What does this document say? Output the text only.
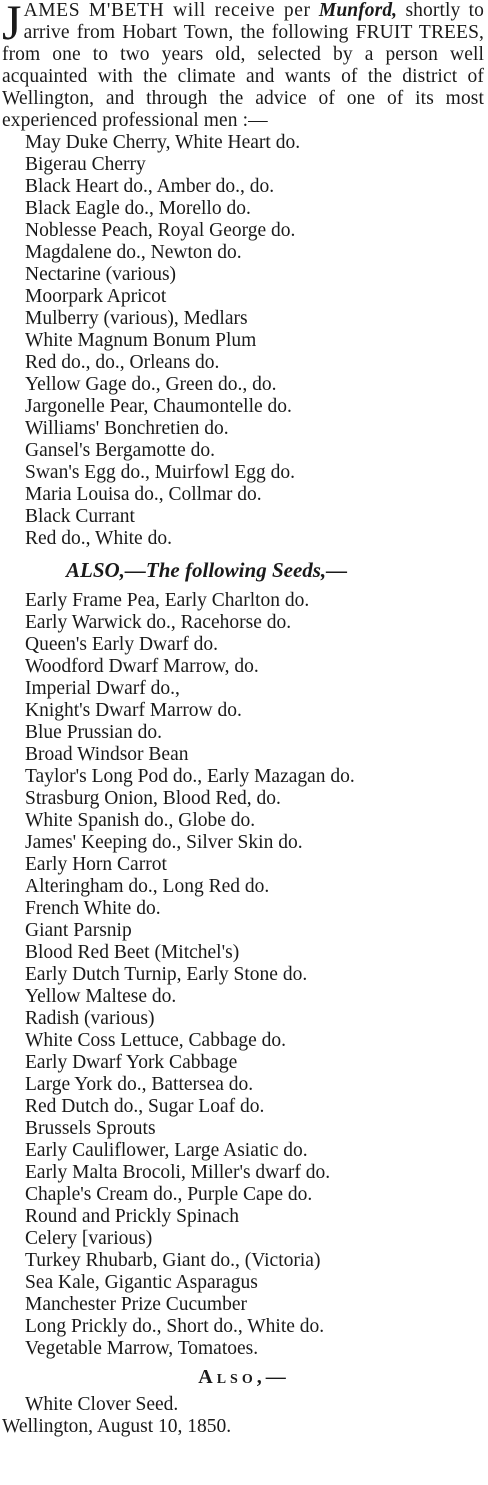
JAMES M'BETH will receive per Munford, shortly to arrive from Hobart Town, the following FRUIT TREES, from one to two years old, selected by a person well acquainted with the climate and wants of the district of Wellington, and through the advice of one of its most experienced professional men :—

May Duke Cherry, White Heart do.
Bigerau Cherry
Black Heart do., Amber do., do.
Black Eagle do., Morello do.
Noblesse Peach, Royal George do.
Magdalene do., Newton do.
Nectarine (various)
Moorpark Apricot
Mulberry (various), Medlars
White Magnum Bonum Plum
Red do., do., Orleans do.
Yellow Gage do., Green do., do.
Jargonelle Pear, Chaumontelle do.
Williams' Bonchretien do.
Gansel's Bergamotte do.
Swan's Egg do., Muirfowl Egg do.
Maria Louisa do., Collmar do.
Black Currant
Red do., White do.
ALSO,—The following Seeds,—
Early Frame Pea, Early Charlton do.
Early Warwick do., Racehorse do.
Queen's Early Dwarf do.
Woodford Dwarf Marrow, do.
Imperial Dwarf do.,
Knight's Dwarf Marrow do.
Blue Prussian do.
Broad Windsor Bean
Taylor's Long Pod do., Early Mazagan do.
Strasburg Onion, Blood Red, do.
White Spanish do., Globe do.
James' Keeping do., Silver Skin do.
Early Horn Carrot
Alteringham do., Long Red do.
French White do.
Giant Parsnip
Blood Red Beet (Mitchel's)
Early Dutch Turnip, Early Stone do.
Yellow Maltese do.
Radish (various)
White Coss Lettuce, Cabbage do.
Early Dwarf York Cabbage
Large York do., Battersea do.
Red Dutch do., Sugar Loaf do.
Brussels Sprouts
Early Cauliflower, Large Asiatic do.
Early Malta Brocoli, Miller's dwarf do.
Chaple's Cream do., Purple Cape do.
Round and Prickly Spinach
Celery [various)
Turkey Rhubarb, Giant do., (Victoria)
Sea Kale, Gigantic Asparagus
Manchester Prize Cucumber
Long Prickly do., Short do., White do.
Vegetable Marrow, Tomatoes.
Also,—
White Clover Seed.

Wellington, August 10, 1850.
